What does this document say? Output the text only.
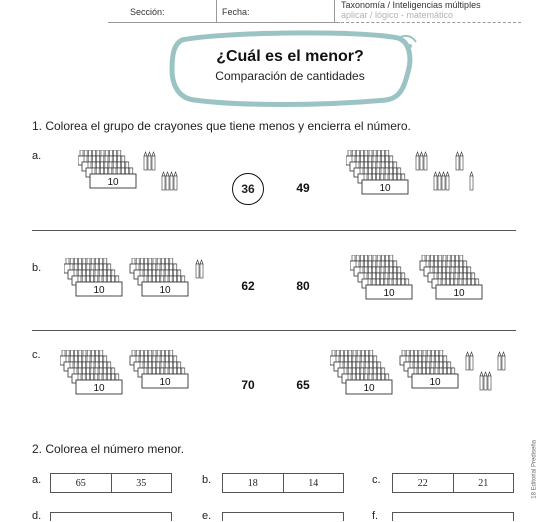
Sección:	Fecha:
Taxonomía / Inteligencias múltiples
aplicar / lógico - matemático
¿Cuál es el menor?
Comparación de cantidades
1. Colorea el grupo de crayones que tiene menos y encierra el número.
a.
10	36	49	10
b.
10	10	62	80
10	10
c.
10
10	70	65	10
10
2. Colorea el número menor.
a.	65	35	b.	18	14	c.	22	21
d.	e.	f.
18 Editorial Prediseña
